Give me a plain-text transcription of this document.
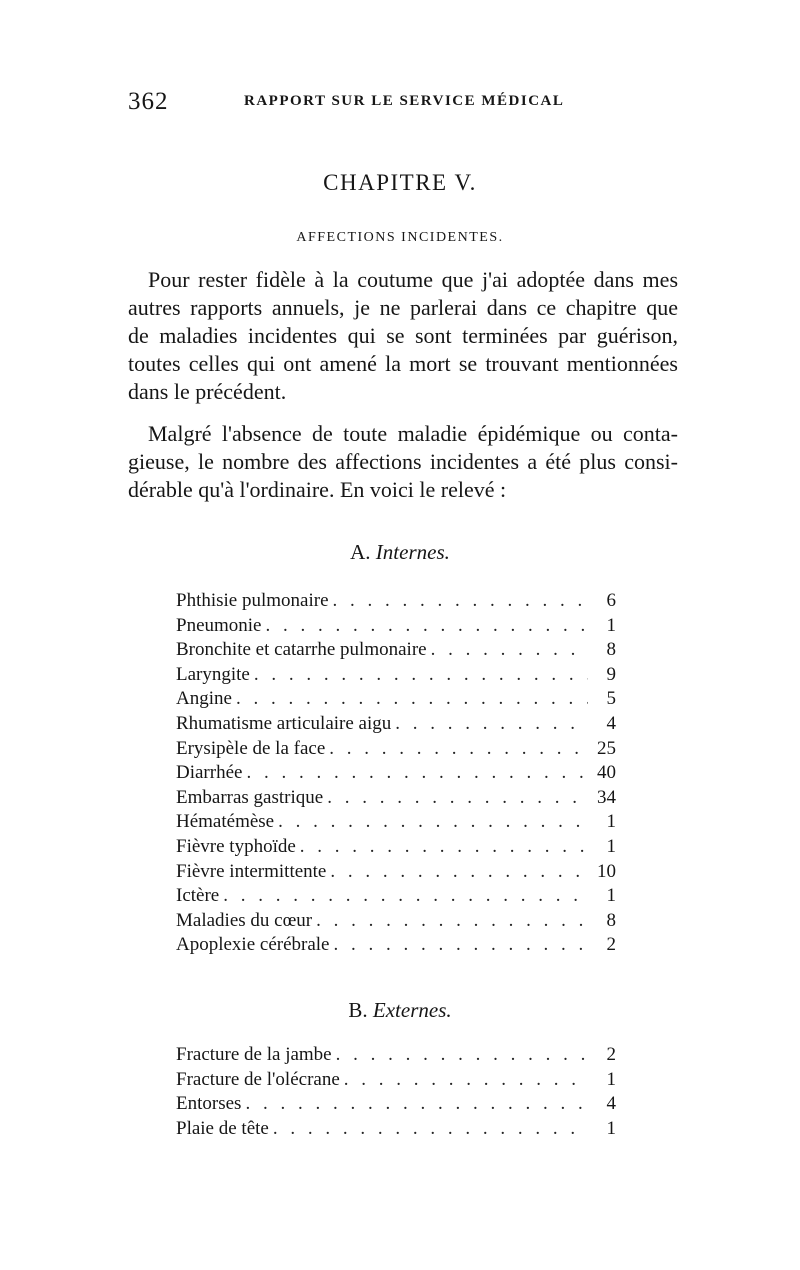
362	RAPPORT SUR LE SERVICE MÉDICAL
CHAPITRE V.
AFFECTIONS INCIDENTES.
Pour rester fidèle à la coutume que j'ai adoptée dans mes
autres rapports annuels, je ne parlerai dans ce chapitre que
de maladies incidentes qui se sont terminées par guérison,
toutes celles qui ont amené la mort se trouvant mentionnées
dans le précédent.
Malgré l'absence de toute maladie épidémique ou conta-
gieuse, le nombre des affections incidentes a été plus consi-
dérable qu'à l'ordinaire. En voici le relevé :
A. Internes.
Phthisie pulmonaire . . .	6
Pneumonie . . .	1
Bronchite et catarrhe pulmonaire . . .	8
Laryngite . . .	9
Angine . . .	5
Rhumatisme articulaire aigu . . .	4
Erysipèle de la face . . .	25
Diarrhée . . .	40
Embarras gastrique . . .	34
Hématémèse . . .	1
Fièvre typhoïde . . .	1
Fièvre intermittente . . .	10
Ictère . . .	1
Maladies du cœur . . .	8
Apoplexie cérébrale . . .	2
B. Externes.
Fracture de la jambe . . .	2
Fracture de l'olécrane . . .	1
Entorses . . .	4
Plaie de tête . . .	1
